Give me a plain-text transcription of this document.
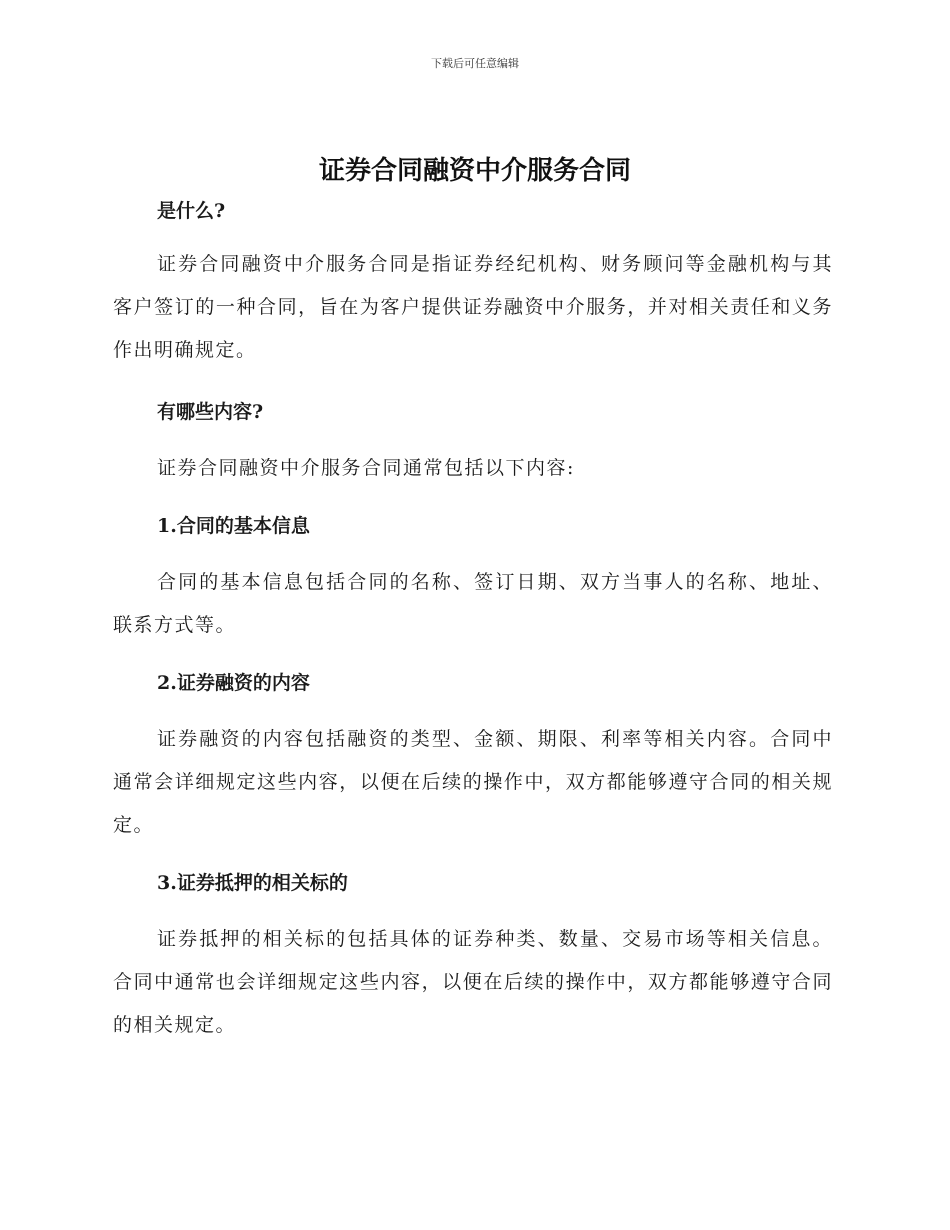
下载后可任意编辑
证券合同融资中介服务合同

是什么?

证券合同融资中介服务合同是指证券经纪机构、财务顾问等金融机构与其客户签订的一种合同，旨在为客户提供证券融资中介服务，并对相关责任和义务作出明确规定。

有哪些内容?

证券合同融资中介服务合同通常包括以下内容:

1.合同的基本信息

合同的基本信息包括合同的名称、签订日期、双方当事人的名称、地址、联系方式等。

2.证券融资的内容

证券融资的内容包括融资的类型、金额、期限、利率等相关内容。合同中通常会详细规定这些内容，以便在后续的操作中，双方都能够遵守合同的相关规定。

3.证券抵押的相关标的

证券抵押的相关标的包括具体的证券种类、数量、交易市场等相关信息。合同中通常也会详细规定这些内容，以便在后续的操作中，双方都能够遵守合同的相关规定。
